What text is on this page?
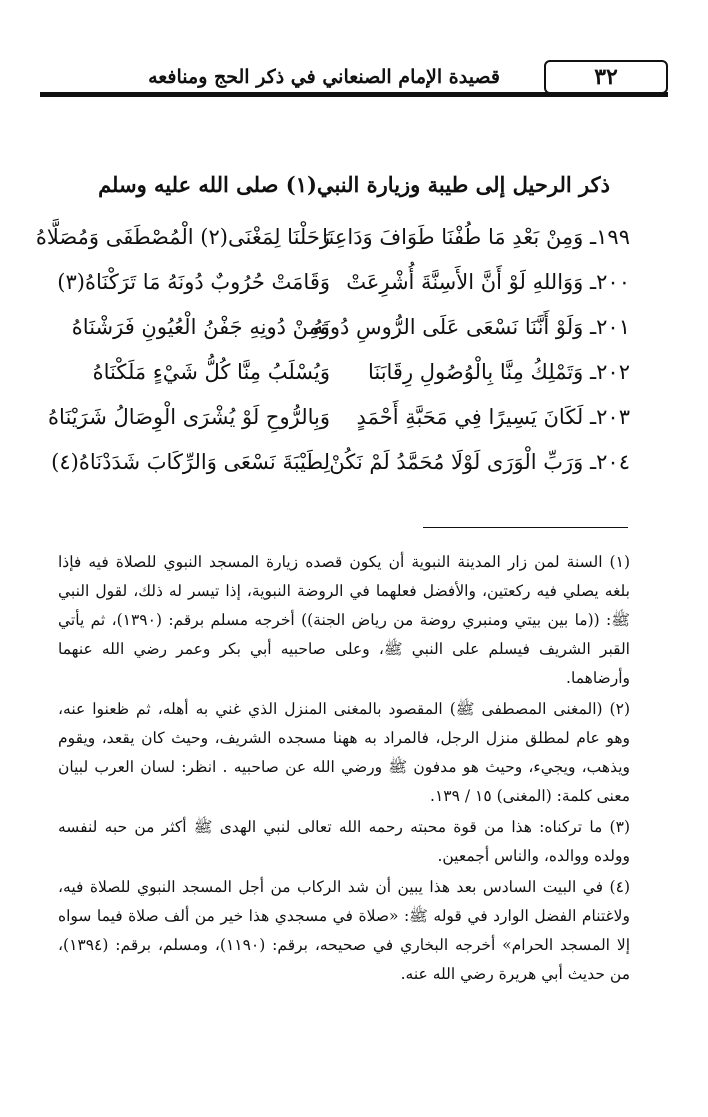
٣٢
قصيدة الإمام الصنعاني في ذكر الحج ومنافعه
ذكر الرحيل إلى طيبة وزيارة النبي(١) صلى الله عليه وسلم
١٩٩ـ وَمِنْ بَعْدِ مَا طُفْنَا طَوَافَ وَدَاعِنَا
رَحَلْنَا لِمَغْنَى(٢) الْمُصْطَفَى وَمُصَلَّاهُ
٢٠٠ـ وَوَاللهِ لَوْ أَنَّ الأَسِنَّةَ أُشْرِعَتْ
وَقَامَتْ حُرُوبٌ دُونَهُ مَا تَرَكْنَاهُ(٣)
٢٠١ـ وَلَوْ أَنَّنَا نَسْعَى عَلَى الرُّوسِ دُونَهُ
وَمِنْ دُونِهِ جَفْنُ الْعُيُونِ فَرَشْنَاهُ
٢٠٢ـ وَتَمْلِكُ مِنَّا بِالْوُصُولِ رِقَابَنَا
وَيُسْلَبُ مِنَّا كُلُّ شَيْءٍ مَلَكْنَاهُ
٢٠٣ـ لَكَانَ يَسِيرًا فِي مَحَبَّةِ أَحْمَدٍ
وَبِالرُّوحِ لَوْ يُشْرَى الْوِصَالُ شَرَيْنَاهُ
٢٠٤ـ وَرَبِّ الْوَرَى لَوْلَا مُحَمَّدُ لَمْ نَكُنْ
لِطَيْبَةَ نَسْعَى وَالرِّكَابَ شَدَدْنَاهُ(٤)

(١) السنة لمن زار المدينة النبوية أن يكون قصده زيارة المسجد النبوي للصلاة فيه فإذا بلغه يصلي فيه ركعتين، والأفضل فعلهما في الروضة النبوية، إذا تيسر له ذلك، لقول النبي ﷺ: ((ما بين بيتي ومنبري روضة من رياض الجنة)) أخرجه مسلم برقم: (١٣٩٠)، ثم يأتي القبر الشريف فيسلم على النبي ﷺ، وعلى صاحبيه أبي بكر وعمر رضي الله عنهما وأرضاهما.

(٢) (المغنى المصطفى ﷺ) المقصود بالمغنى المنزل الذي غني به أهله، ثم ظعنوا عنه، وهو عام لمطلق منزل الرجل، فالمراد به ههنا مسجده الشريف، وحيث كان يقعد، ويقوم ويذهب، ويجيء، وحيث هو مدفون ﷺ ورضي الله عن صاحبيه . انظر: لسان العرب لبيان معنى كلمة: (المغنى) ١٥ / ١٣٩.

(٣) ما تركناه: هذا من قوة محبته رحمه الله تعالى لنبي الهدى ﷺ أكثر من حبه لنفسه وولده ووالده، والناس أجمعين.

(٤) في البيت السادس بعد هذا يبين أن شد الركاب من أجل المسجد النبوي للصلاة فيه، ولاغتنام الفضل الوارد في قوله ﷺ: «صلاة في مسجدي هذا خير من ألف صلاة فيما سواه إلا المسجد الحرام» أخرجه البخاري في صحيحه، برقم: (١١٩٠)، ومسلم، برقم: (١٣٩٤)، من حديث أبي هريرة رضي الله عنه.
